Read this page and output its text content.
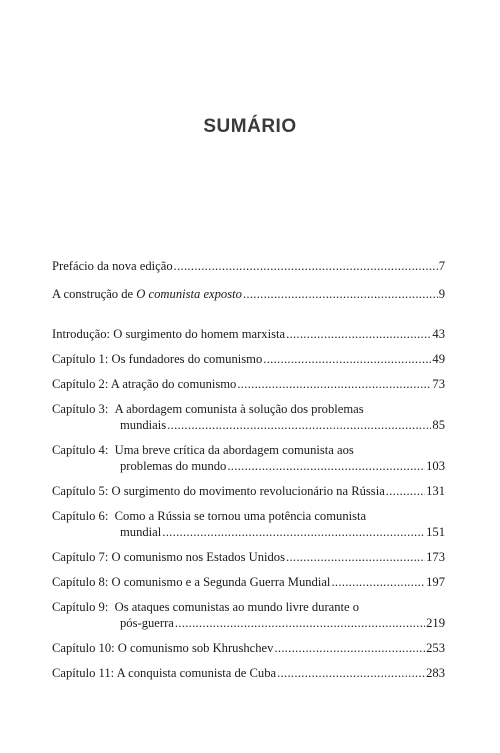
SUMÁRIO
Prefácio da nova edição .....	7
A construção de O comunista exposto .....	9
Introdução: O surgimento do homem marxista .....	43
Capítulo 1: Os fundadores do comunismo .....	49
Capítulo 2: A atração do comunismo .....	73
Capítulo 3: A abordagem comunista à solução dos problemas
mundiais .....	85
Capítulo 4: Uma breve crítica da abordagem comunista aos
problemas do mundo .....	103
Capítulo 5: O surgimento do movimento revolucionário na Rússia .....	131
Capítulo 6: Como a Rússia se tornou uma potência comunista
mundial .....	151
Capítulo 7: O comunismo nos Estados Unidos .....	173
Capítulo 8: O comunismo e a Segunda Guerra Mundial .....	197
Capítulo 9: Os ataques comunistas ao mundo livre durante o
pós-guerra .....	219
Capítulo 10: O comunismo sob Khrushchev .....	253
Capítulo 11: A conquista comunista de Cuba .....	283
